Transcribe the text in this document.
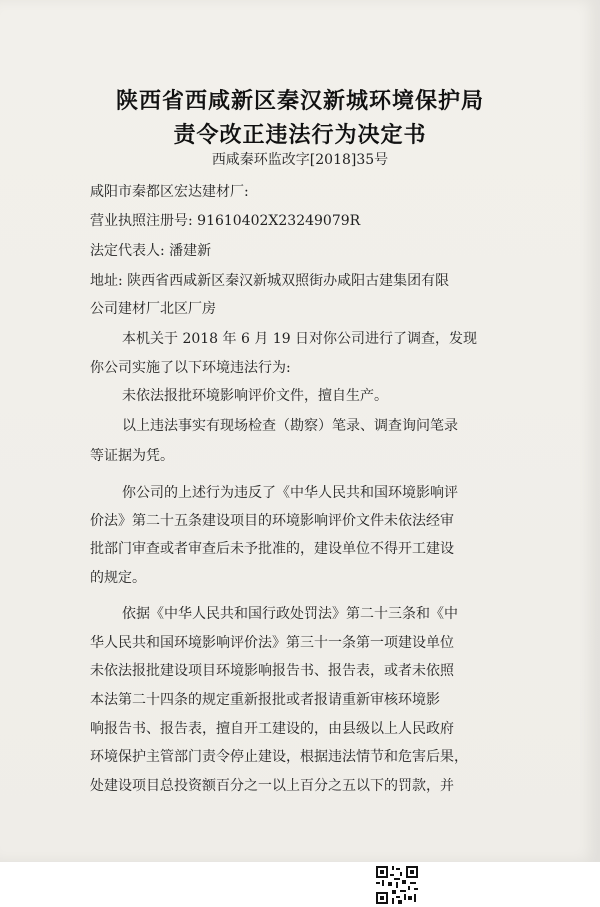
陕西省西咸新区秦汉新城环境保护局
责令改正违法行为决定书
西咸秦环监改字[2018]35号
咸阳市秦都区宏达建材厂:
营业执照注册号: 91610402X23249079R
法定代表人: 潘建新
地址: 陕西省西咸新区秦汉新城双照街办咸阳古建集团有限
公司建材厂北区厂房
本机关于 2018 年 6 月 19 日对你公司进行了调查，发现
你公司实施了以下环境违法行为:
未依法报批环境影响评价文件，擅自生产。
以上违法事实有现场检查（勘察）笔录、调查询问笔录
等证据为凭。
你公司的上述行为违反了《中华人民共和国环境影响评
价法》第二十五条建设项目的环境影响评价文件未依法经审
批部门审查或者审查后未予批准的，建设单位不得开工建设
的规定。
依据《中华人民共和国行政处罚法》第二十三条和《中
华人民共和国环境影响评价法》第三十一条第一项建设单位
未依法报批建设项目环境影响报告书、报告表，或者未依照
本法第二十四条的规定重新报批或者报请重新审核环境影
响报告书、报告表，擅自开工建设的，由县级以上人民政府
环境保护主管部门责令停止建设，根据违法情节和危害后果，
处建设项目总投资额百分之一以上百分之五以下的罚款，并
